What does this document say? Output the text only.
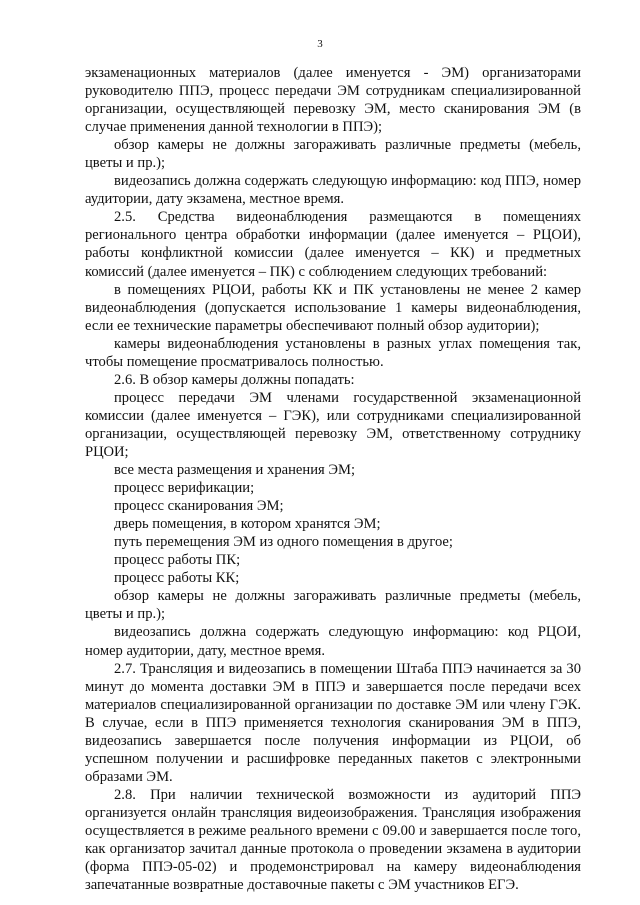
3

экзаменационных материалов (далее именуется - ЭМ) организаторами руководителю ППЭ, процесс передачи ЭМ сотрудникам специализированной организации, осуществляющей перевозку ЭМ, место сканирования ЭМ (в случае применения данной технологии в ППЭ);

обзор камеры не должны загораживать различные предметы (мебель, цветы и пр.);

видеозапись должна содержать следующую информацию: код ППЭ, номер аудитории, дату экзамена, местное время.

2.5. Средства видеонаблюдения размещаются в помещениях регионального центра обработки информации (далее именуется – РЦОИ), работы конфликтной комиссии (далее именуется – КК) и предметных комиссий (далее именуется – ПК) с соблюдением следующих требований:

в помещениях РЦОИ, работы КК и ПК установлены не менее 2 камер видеонаблюдения (допускается использование 1 камеры видеонаблюдения, если ее технические параметры обеспечивают полный обзор аудитории);

камеры видеонаблюдения установлены в разных углах помещения так, чтобы помещение просматривалось полностью.

2.6. В обзор камеры должны попадать:

процесс передачи ЭМ членами государственной экзаменационной комиссии (далее именуется – ГЭК), или сотрудниками специализированной организации, осуществляющей перевозку ЭМ, ответственному сотруднику РЦОИ;

все места размещения и хранения ЭМ;

процесс верификации;

процесс сканирования ЭМ;

дверь помещения, в котором хранятся ЭМ;

путь перемещения ЭМ из одного помещения в другое;

процесс работы ПК;

процесс работы КК;

обзор камеры не должны загораживать различные предметы (мебель, цветы и пр.);

видеозапись должна содержать следующую информацию: код РЦОИ, номер аудитории, дату, местное время.

2.7. Трансляция и видеозапись в помещении Штаба ППЭ начинается за 30 минут до момента доставки ЭМ в ППЭ и завершается после передачи всех материалов специализированной организации по доставке ЭМ или члену ГЭК. В случае, если в ППЭ применяется технология сканирования ЭМ в ППЭ, видеозапись завершается после получения информации из РЦОИ, об успешном получении и расшифровке переданных пакетов с электронными образами ЭМ.

2.8. При наличии технической возможности из аудиторий ППЭ организуется онлайн трансляция видеоизображения. Трансляция изображения осуществляется в режиме реального времени с 09.00 и завершается после того, как организатор зачитал данные протокола о проведении экзамена в аудитории (форма ППЭ-05-02) и продемонстрировал на камеру видеонаблюдения запечатанные возвратные доставочные пакеты с ЭМ участников ЕГЭ.
